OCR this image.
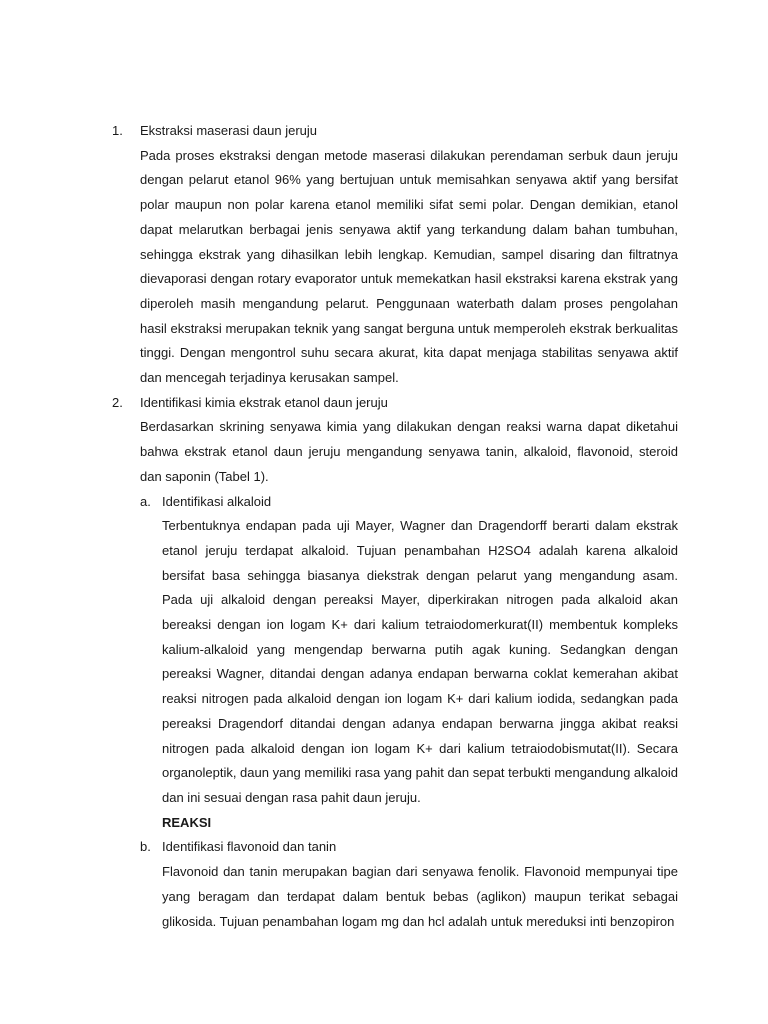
1.	Ekstraksi maserasi daun jeruju
Pada proses ekstraksi dengan metode maserasi dilakukan perendaman serbuk daun jeruju dengan pelarut etanol 96% yang bertujuan untuk memisahkan senyawa aktif yang bersifat polar maupun non polar karena etanol memiliki sifat semi polar. Dengan demikian, etanol dapat melarutkan berbagai jenis senyawa aktif yang terkandung dalam bahan tumbuhan, sehingga ekstrak yang dihasilkan lebih lengkap. Kemudian, sampel disaring dan filtratnya dievaporasi dengan rotary evaporator untuk memekatkan hasil ekstraksi karena ekstrak yang diperoleh masih mengandung pelarut. Penggunaan waterbath dalam proses pengolahan hasil ekstraksi merupakan teknik yang sangat berguna untuk memperoleh ekstrak berkualitas tinggi. Dengan mengontrol suhu secara akurat, kita dapat menjaga stabilitas senyawa aktif dan mencegah terjadinya kerusakan sampel.
2.	Identifikasi kimia ekstrak etanol daun jeruju
Berdasarkan skrining senyawa kimia yang dilakukan dengan reaksi warna dapat diketahui bahwa ekstrak etanol daun jeruju mengandung senyawa tanin, alkaloid, flavonoid, steroid dan saponin (Tabel 1).
a. Identifikasi alkaloid
Terbentuknya endapan pada uji Mayer, Wagner dan Dragendorff berarti dalam ekstrak etanol jeruju terdapat alkaloid. Tujuan penambahan H2SO4 adalah karena alkaloid bersifat basa sehingga biasanya diekstrak dengan pelarut yang mengandung asam. Pada uji alkaloid dengan pereaksi Mayer, diperkirakan nitrogen pada alkaloid akan bereaksi dengan ion logam K+ dari kalium tetraiodomerkurat(II) membentuk kompleks kalium-alkaloid yang mengendap berwarna putih agak kuning. Sedangkan dengan pereaksi Wagner, ditandai dengan adanya endapan berwarna coklat kemerahan akibat reaksi nitrogen pada alkaloid dengan ion logam K+ dari kalium iodida, sedangkan pada pereaksi Dragendorf ditandai dengan adanya endapan berwarna jingga akibat reaksi nitrogen pada alkaloid dengan ion logam K+ dari kalium tetraiodobismutat(II). Secara organoleptik, daun yang memiliki rasa yang pahit dan sepat terbukti mengandung alkaloid dan ini sesuai dengan rasa pahit daun jeruju.
REAKSI
b. Identifikasi flavonoid dan tanin
Flavonoid dan tanin merupakan bagian dari senyawa fenolik. Flavonoid mempunyai tipe yang beragam dan terdapat dalam bentuk bebas (aglikon) maupun terikat sebagai glikosida. Tujuan penambahan logam mg dan hcl adalah untuk mereduksi inti benzopiron
